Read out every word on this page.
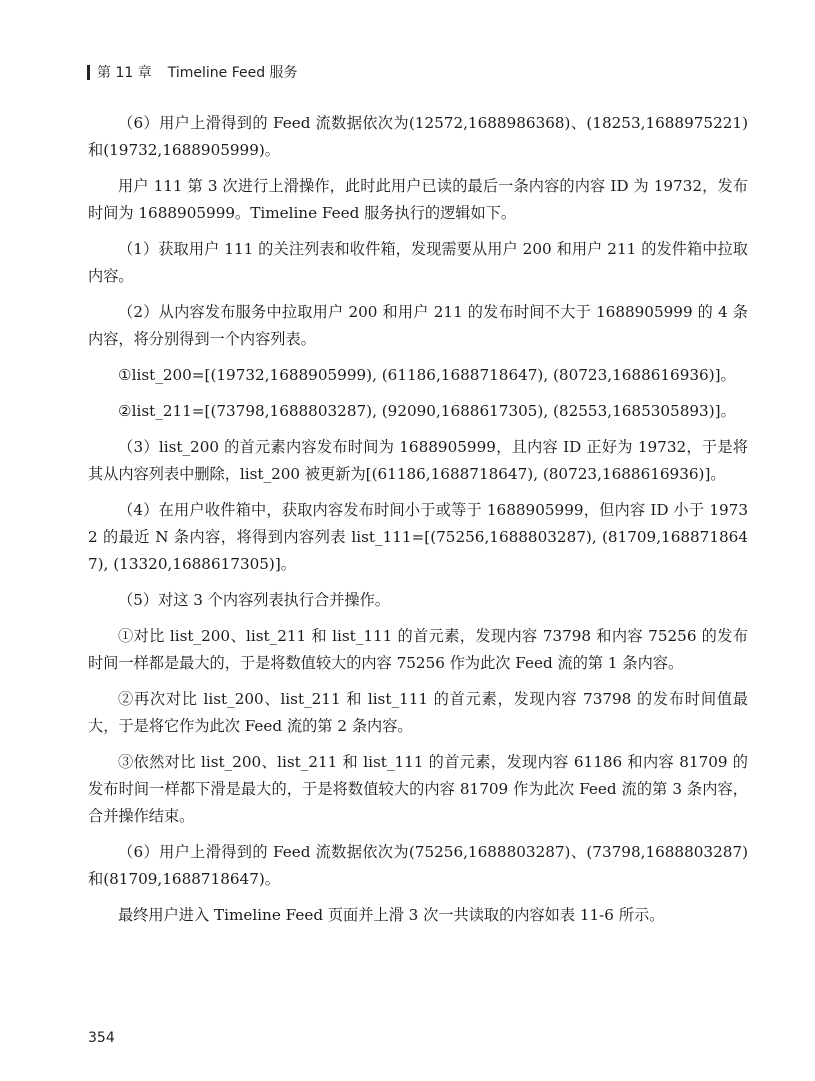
第 11 章 Timeline Feed 服务

（6）用户上滑得到的 Feed 流数据依次为(12572,1688986368)、(18253,1688975221)和(19732,1688905999)。

用户 111 第 3 次进行上滑操作，此时此用户已读的最后一条内容的内容 ID 为 19732，发布时间为 1688905999。Timeline Feed 服务执行的逻辑如下。

（1）获取用户 111 的关注列表和收件箱，发现需要从用户 200 和用户 211 的发件箱中拉取内容。

（2）从内容发布服务中拉取用户 200 和用户 211 的发布时间不大于 1688905999 的 4 条内容，将分别得到一个内容列表。

①list_200=[(19732,1688905999), (61186,1688718647), (80723,1688616936)]。

②list_211=[(73798,1688803287), (92090,1688617305), (82553,1685305893)]。

（3）list_200 的首元素内容发布时间为 1688905999，且内容 ID 正好为 19732，于是将其从内容列表中删除，list_200 被更新为[(61186,1688718647), (80723,1688616936)]。

（4）在用户收件箱中，获取内容发布时间小于或等于 1688905999，但内容 ID 小于 19732 的最近 N 条内容，将得到内容列表 list_111=[(75256,1688803287), (81709,1688718647), (13320,1688617305)]。

（5）对这 3 个内容列表执行合并操作。

①对比 list_200、list_211 和 list_111 的首元素，发现内容 73798 和内容 75256 的发布时间一样都是最大的，于是将数值较大的内容 75256 作为此次 Feed 流的第 1 条内容。

②再次对比 list_200、list_211 和 list_111 的首元素，发现内容 73798 的发布时间值最大，于是将它作为此次 Feed 流的第 2 条内容。

③依然对比 list_200、list_211 和 list_111 的首元素，发现内容 61186 和内容 81709 的发布时间一样都下滑是最大的，于是将数值较大的内容 81709 作为此次 Feed 流的第 3 条内容，合并操作结束。

（6）用户上滑得到的 Feed 流数据依次为(75256,1688803287)、(73798,1688803287)和(81709,1688718647)。

最终用户进入 Timeline Feed 页面并上滑 3 次一共读取的内容如表 11-6 所示。

354
